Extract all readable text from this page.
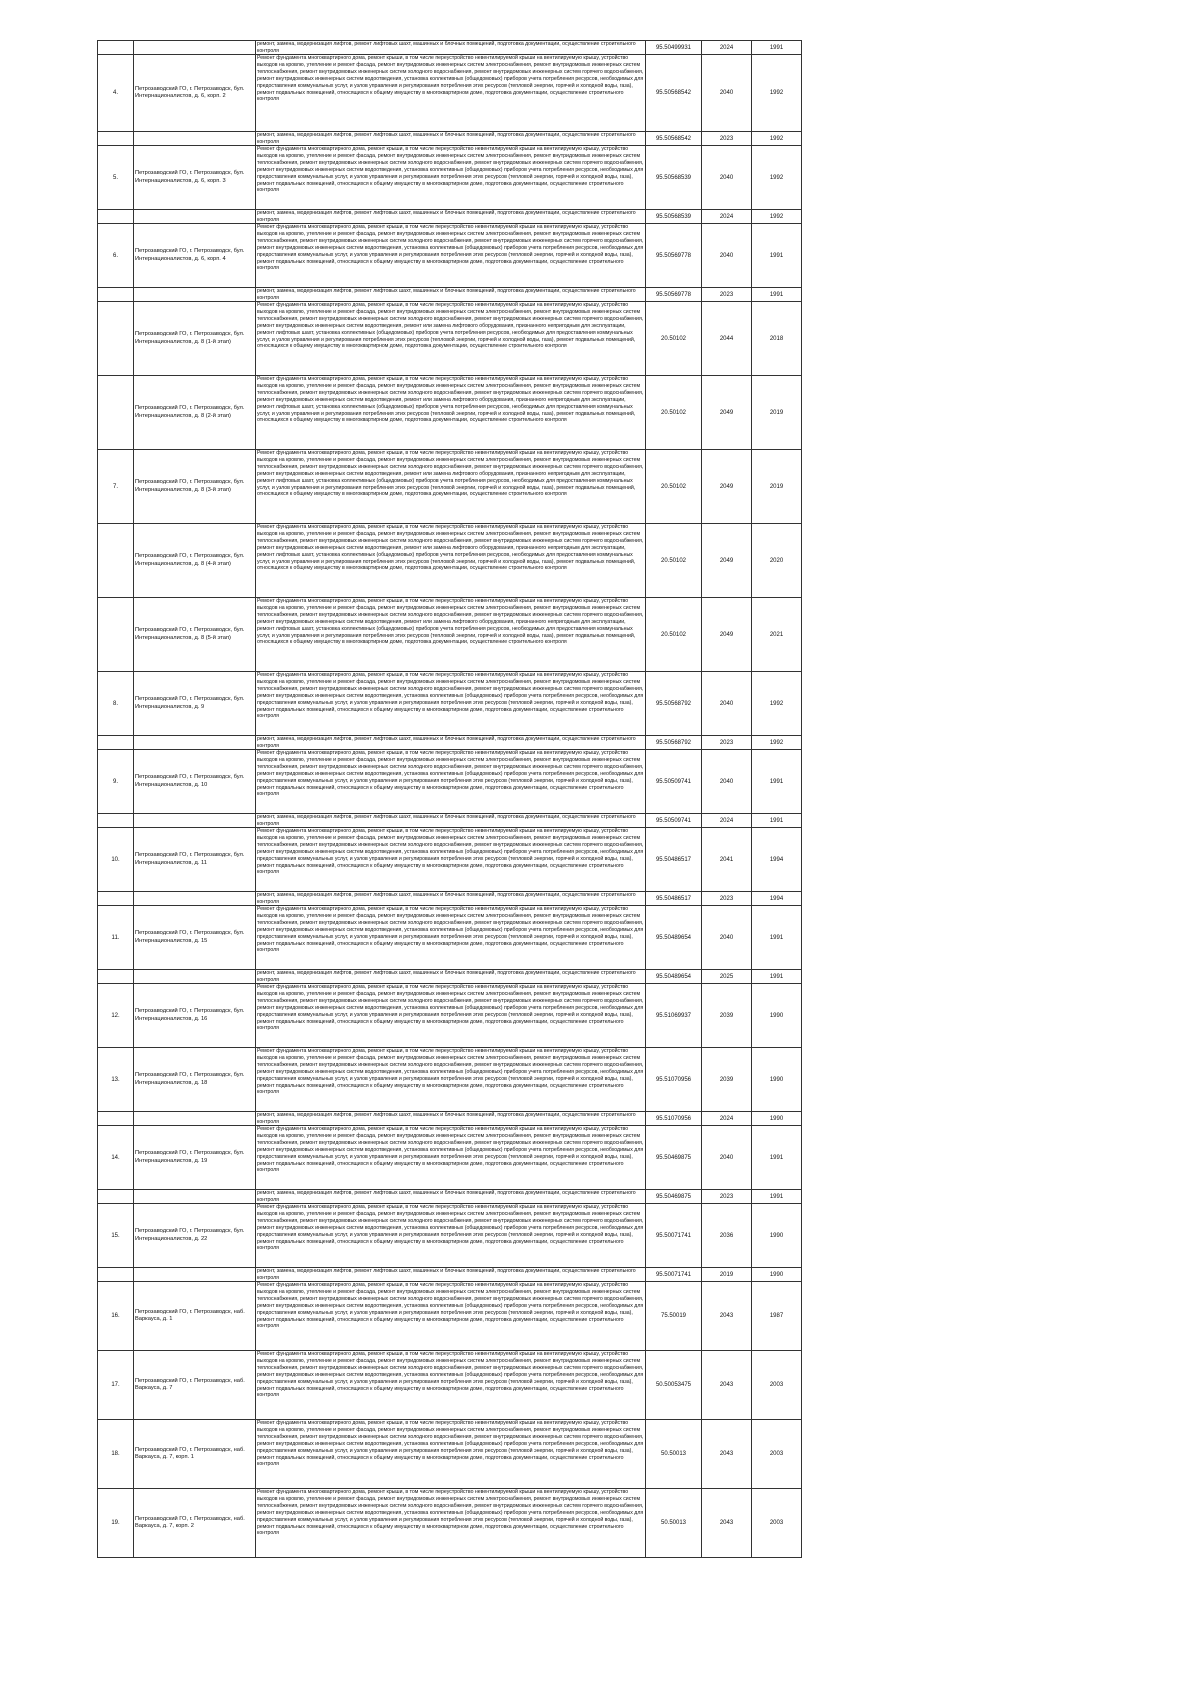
		ремонт, замена, модернизация лифтов, ремонт лифтовых шахт, машинных и блочных помещений, подготовка документации, осуществление строительного контроля	95.50499931	2024	1991
4.	Петрозаводский ГО, г. Петрозаводск, бул. Интернационалистов, д. 6, корп. 2	Ремонт фундамента многоквартирного дома, ремонт крыши, в том числе переустройство невентилируемой крыши на вентилируемую крышу, устройство выходов на кровлю, утепление и ремонт фасада, ремонт внутридомовых инженерных систем электроснабжения, ремонт внутридомовых инженерных систем теплоснабжения, ремонт внутридомовых инженерных систем холодного водоснабжения, ремонт внутридомовых инженерных систем горячего водоснабжения, ремонт внутридомовых инженерных систем водоотведения, установка коллективных (общедомовых) приборов учета потребления ресурсов, необходимых для предоставления коммунальных услуг, и узлов управления и регулирования потребления этих ресурсов (тепловой энергии, горячей и холодной воды, газа), ремонт подвальных помещений, относящихся к общему имуществу в многоквартирном доме, подготовка документации, осуществление строительного контроля	95.50568542	2040	1992

		ремонт, замена, модернизация лифтов, ремонт лифтовых шахт, машинных и блочных помещений, подготовка документации, осуществление строительного контроля	95.50568542	2023	1992
5.	Петрозаводский ГО, г. Петрозаводск, бул. Интернационалистов, д. 6, корп. 3	Ремонт фундамента многоквартирного дома, ремонт крыши, в том числе переустройство невентилируемой крыши на вентилируемую крышу, устройство выходов на кровлю, утепление и ремонт фасада, ремонт внутридомовых инженерных систем электроснабжения, ремонт внутридомовых инженерных систем теплоснабжения, ремонт внутридомовых инженерных систем холодного водоснабжения, ремонт внутридомовых инженерных систем горячего водоснабжения, ремонт внутридомовых инженерных систем водоотведения, установка коллективных (общедомовых) приборов учета потребления ресурсов, необходимых для предоставления коммунальных услуг, и узлов управления и регулирования потребления этих ресурсов (тепловой энергии, горячей и холодной воды, газа), ремонт подвальных помещений, относящихся к общему имуществу в многоквартирном доме, подготовка документации, осуществление строительного контроля	95.50568539	2040	1992

		ремонт, замена, модернизация лифтов, ремонт лифтовых шахт, машинных и блочных помещений, подготовка документации, осуществление строительного контроля	95.50568539	2024	1992
6.	Петрозаводский ГО, г. Петрозаводск, бул. Интернационалистов, д. 6, корп. 4	Ремонт фундамента многоквартирного дома, ремонт крыши, в том числе переустройство невентилируемой крыши на вентилируемую крышу, устройство выходов на кровлю, утепление и ремонт фасада, ремонт внутридомовых инженерных систем электроснабжения, ремонт внутридомовых инженерных систем теплоснабжения, ремонт внутридомовых инженерных систем холодного водоснабжения, ремонт внутридомовых инженерных систем горячего водоснабжения, ремонт внутридомовых инженерных систем водоотведения, установка коллективных (общедомовых) приборов учета потребления ресурсов, необходимых для предоставления коммунальных услуг, и узлов управления и регулирования потребления этих ресурсов (тепловой энергии, горячей и холодной воды, газа), ремонт подвальных помещений, относящихся к общему имуществу в многоквартирном доме, подготовка документации, осуществление строительного контроля	95.50569778	2040	1991

		ремонт, замена, модернизация лифтов, ремонт лифтовых шахт, машинных и блочных помещений, подготовка документации, осуществление строительного контроля	95.50569778	2023	1991
	Петрозаводский ГО, г. Петрозаводск, бул. Интернационалистов, д. 8 (1-й этап)	Ремонт фундамента многоквартирного дома, ремонт крыши, в том числе переустройство невентилируемой крыши на вентилируемую крышу, устройство выходов на кровлю, утепление и ремонт фасада, ремонт внутридомовых инженерных систем электроснабжения, ремонт внутридомовых инженерных систем теплоснабжения, ремонт внутридомовых инженерных систем холодного водоснабжения, ремонт внутридомовых инженерных систем горячего водоснабжения, ремонт внутридомовых инженерных систем водоотведения, ремонт или замена лифтового оборудования, признанного непригодным для эксплуатации, ремонт лифтовых шахт, установка коллективных (общедомовых) приборов учета потребления ресурсов, необходимых для предоставления коммунальных услуг, и узлов управления и регулирования потребления этих ресурсов (тепловой энергии, горячей и холодной воды, газа), ремонт подвальных помещений, относящихся к общему имуществу в многоквартирном доме, подготовка документации, осуществление строительного контроля	20.50102	2044	2018
	Петрозаводский ГО, г. Петрозаводск, бул. Интернационалистов, д. 8 (2-й этап)	Ремонт фундамента многоквартирного дома, ремонт крыши, в том числе переустройство невентилируемой крыши на вентилируемую крышу, устройство выходов на кровлю, утепление и ремонт фасада, ремонт внутридомовых инженерных систем электроснабжения, ремонт внутридомовых инженерных систем теплоснабжения, ремонт внутридомовых инженерных систем холодного водоснабжения, ремонт внутридомовых инженерных систем горячего водоснабжения, ремонт внутридомовых инженерных систем водоотведения, ремонт или замена лифтового оборудования, признанного непригодным для эксплуатации, ремонт лифтовых шахт, установка коллективных (общедомовых) приборов учета потребления ресурсов, необходимых для предоставления коммунальных услуг, и узлов управления и регулирования потребления этих ресурсов (тепловой энергии, горячей и холодной воды, газа), ремонт подвальных помещений, относящихся к общему имуществу в многоквартирном доме, подготовка документации, осуществление строительного контроля	20.50102	2049	2019
7.	Петрозаводский ГО, г. Петрозаводск, бул. Интернационалистов, д. 8 (3-й этап)	Ремонт фундамента многоквартирного дома, ремонт крыши, в том числе переустройство невентилируемой крыши на вентилируемую крышу, устройство выходов на кровлю, утепление и ремонт фасада, ремонт внутридомовых инженерных систем электроснабжения, ремонт внутридомовых инженерных систем теплоснабжения, ремонт внутридомовых инженерных систем холодного водоснабжения, ремонт внутридомовых инженерных систем горячего водоснабжения, ремонт внутридомовых инженерных систем водоотведения, ремонт или замена лифтового оборудования, признанного непригодным для эксплуатации, ремонт лифтовых шахт, установка коллективных (общедомовых) приборов учета потребления ресурсов, необходимых для предоставления коммунальных услуг, и узлов управления и регулирования потребления этих ресурсов (тепловой энергии, горячей и холодной воды, газа), ремонт подвальных помещений, относящихся к общему имуществу в многоквартирном доме, подготовка документации, осуществление строительного контроля	20.50102	2049	2019
	Петрозаводский ГО, г. Петрозаводск, бул. Интернационалистов, д. 8 (4-й этап)	Ремонт фундамента многоквартирного дома, ремонт крыши, в том числе переустройство невентилируемой крыши на вентилируемую крышу, устройство выходов на кровлю, утепление и ремонт фасада, ремонт внутридомовых инженерных систем электроснабжения, ремонт внутридомовых инженерных систем теплоснабжения, ремонт внутридомовых инженерных систем холодного водоснабжения, ремонт внутридомовых инженерных систем горячего водоснабжения, ремонт внутридомовых инженерных систем водоотведения, ремонт или замена лифтового оборудования, признанного непригодным для эксплуатации, ремонт лифтовых шахт, установка коллективных (общедомовых) приборов учета потребления ресурсов, необходимых для предоставления коммунальных услуг, и узлов управления и регулирования потребления этих ресурсов (тепловой энергии, горячей и холодной воды, газа), ремонт подвальных помещений, относящихся к общему имуществу в многоквартирном доме, подготовка документации, осуществление строительного контроля	20.50102	2049	2020
	Петрозаводский ГО, г. Петрозаводск, бул. Интернационалистов, д. 8 (5-й этап)	Ремонт фундамента многоквартирного дома, ремонт крыши, в том числе переустройство невентилируемой крыши на вентилируемую крышу, устройство выходов на кровлю, утепление и ремонт фасада, ремонт внутридомовых инженерных систем электроснабжения, ремонт внутридомовых инженерных систем теплоснабжения, ремонт внутридомовых инженерных систем холодного водоснабжения, ремонт внутридомовых инженерных систем горячего водоснабжения, ремонт внутридомовых инженерных систем водоотведения, ремонт или замена лифтового оборудования, признанного непригодным для эксплуатации, ремонт лифтовых шахт, установка коллективных (общедомовых) приборов учета потребления ресурсов, необходимых для предоставления коммунальных услуг, и узлов управления и регулирования потребления этих ресурсов (тепловой энергии, горячей и холодной воды, газа), ремонт подвальных помещений, относящихся к общему имуществу в многоквартирном доме, подготовка документации, осуществление строительного контроля	20.50102	2049	2021
8.	Петрозаводский ГО, г. Петрозаводск, бул. Интернационалистов, д. 9	Ремонт фундамента многоквартирного дома, ремонт крыши, в том числе переустройство невентилируемой крыши на вентилируемую крышу, устройство выходов на кровлю, утепление и ремонт фасада, ремонт внутридомовых инженерных систем электроснабжения, ремонт внутридомовых инженерных систем теплоснабжения, ремонт внутридомовых инженерных систем холодного водоснабжения, ремонт внутридомовых инженерных систем горячего водоснабжения, ремонт внутридомовых инженерных систем водоотведения, установка коллективных (общедомовых) приборов учета потребления ресурсов, необходимых для предоставления коммунальных услуг, и узлов управления и регулирования потребления этих ресурсов (тепловой энергии, горячей и холодной воды, газа), ремонт подвальных помещений, относящихся к общему имуществу в многоквартирном доме, подготовка документации, осуществление строительного контроля	95.50568792	2040	1992

		ремонт, замена, модернизация лифтов, ремонт лифтовых шахт, машинных и блочных помещений, подготовка документации, осуществление строительного контроля	95.50568792	2023	1992
9.	Петрозаводский ГО, г. Петрозаводск, бул. Интернационалистов, д. 10	Ремонт фундамента многоквартирного дома, ремонт крыши, в том числе переустройство невентилируемой крыши на вентилируемую крышу, устройство выходов на кровлю, утепление и ремонт фасада, ремонт внутридомовых инженерных систем электроснабжения, ремонт внутридомовых инженерных систем теплоснабжения, ремонт внутридомовых инженерных систем холодного водоснабжения, ремонт внутридомовых инженерных систем горячего водоснабжения, ремонт внутридомовых инженерных систем водоотведения, установка коллективных (общедомовых) приборов учета потребления ресурсов, необходимых для предоставления коммунальных услуг, и узлов управления и регулирования потребления этих ресурсов (тепловой энергии, горячей и холодной воды, газа), ремонт подвальных помещений, относящихся к общему имуществу в многоквартирном доме, подготовка документации, осуществление строительного контроля	95.50509741	2040	1991

		ремонт, замена, модернизация лифтов, ремонт лифтовых шахт, машинных и блочных помещений, подготовка документации, осуществление строительного контроля	95.50509741	2024	1991
10.	Петрозаводский ГО, г. Петрозаводск, бул. Интернационалистов, д. 11	Ремонт фундамента многоквартирного дома, ремонт крыши, в том числе переустройство невентилируемой крыши на вентилируемую крышу, устройство выходов на кровлю, утепление и ремонт фасада, ремонт внутридомовых инженерных систем электроснабжения, ремонт внутридомовых инженерных систем теплоснабжения, ремонт внутридомовых инженерных систем холодного водоснабжения, ремонт внутридомовых инженерных систем горячего водоснабжения, ремонт внутридомовых инженерных систем водоотведения, установка коллективных (общедомовых) приборов учета потребления ресурсов, необходимых для предоставления коммунальных услуг, и узлов управления и регулирования потребления этих ресурсов (тепловой энергии, горячей и холодной воды, газа), ремонт подвальных помещений, относящихся к общему имуществу в многоквартирном доме, подготовка документации, осуществление строительного контроля	95.50486517	2041	1994

		ремонт, замена, модернизация лифтов, ремонт лифтовых шахт, машинных и блочных помещений, подготовка документации, осуществление строительного контроля	95.50486517	2023	1994
11.	Петрозаводский ГО, г. Петрозаводск, бул. Интернационалистов, д. 15	Ремонт фундамента многоквартирного дома, ремонт крыши, в том числе переустройство невентилируемой крыши на вентилируемую крышу, устройство выходов на кровлю, утепление и ремонт фасада, ремонт внутридомовых инженерных систем электроснабжения, ремонт внутридомовых инженерных систем теплоснабжения, ремонт внутридомовых инженерных систем холодного водоснабжения, ремонт внутридомовых инженерных систем горячего водоснабжения, ремонт внутридомовых инженерных систем водоотведения, установка коллективных (общедомовых) приборов учета потребления ресурсов, необходимых для предоставления коммунальных услуг, и узлов управления и регулирования потребления этих ресурсов (тепловой энергии, горячей и холодной воды, газа), ремонт подвальных помещений, относящихся к общему имуществу в многоквартирном доме, подготовка документации, осуществление строительного контроля	95.50489654	2040	1991

		ремонт, замена, модернизация лифтов, ремонт лифтовых шахт, машинных и блочных помещений, подготовка документации, осуществление строительного контроля	95.50489654	2025	1991
12.	Петрозаводский ГО, г. Петрозаводск, бул. Интернационалистов, д. 16	Ремонт фундамента многоквартирного дома, ремонт крыши, в том числе переустройство невентилируемой крыши на вентилируемую крышу, устройство выходов на кровлю, утепление и ремонт фасада, ремонт внутридомовых инженерных систем электроснабжения, ремонт внутридомовых инженерных систем теплоснабжения, ремонт внутридомовых инженерных систем холодного водоснабжения, ремонт внутридомовых инженерных систем горячего водоснабжения, ремонт внутридомовых инженерных систем водоотведения, установка коллективных (общедомовых) приборов учета потребления ресурсов, необходимых для предоставления коммунальных услуг, и узлов управления и регулирования потребления этих ресурсов (тепловой энергии, горячей и холодной воды, газа), ремонт подвальных помещений, относящихся к общему имуществу в многоквартирном доме, подготовка документации, осуществление строительного контроля	95.51069937	2039	1990
13.	Петрозаводский ГО, г. Петрозаводск, бул. Интернационалистов, д. 18	Ремонт фундамента многоквартирного дома, ремонт крыши, в том числе переустройство невентилируемой крыши на вентилируемую крышу, устройство выходов на кровлю, утепление и ремонт фасада, ремонт внутридомовых инженерных систем электроснабжения, ремонт внутридомовых инженерных систем теплоснабжения, ремонт внутридомовых инженерных систем холодного водоснабжения, ремонт внутридомовых инженерных систем горячего водоснабжения, ремонт внутридомовых инженерных систем водоотведения, установка коллективных (общедомовых) приборов учета потребления ресурсов, необходимых для предоставления коммунальных услуг, и узлов управления и регулирования потребления этих ресурсов (тепловой энергии, горячей и холодной воды, газа), ремонт подвальных помещений, относящихся к общему имуществу в многоквартирном доме, подготовка документации, осуществление строительного контроля	95.51070956	2039	1990

		ремонт, замена, модернизация лифтов, ремонт лифтовых шахт, машинных и блочных помещений, подготовка документации, осуществление строительного контроля	95.51070956	2024	1990
14.	Петрозаводский ГО, г. Петрозаводск, бул. Интернационалистов, д. 19	Ремонт фундамента многоквартирного дома, ремонт крыши, в том числе переустройство невентилируемой крыши на вентилируемую крышу, устройство выходов на кровлю, утепление и ремонт фасада, ремонт внутридомовых инженерных систем электроснабжения, ремонт внутридомовых инженерных систем теплоснабжения, ремонт внутридомовых инженерных систем холодного водоснабжения, ремонт внутридомовых инженерных систем горячего водоснабжения, ремонт внутридомовых инженерных систем водоотведения, установка коллективных (общедомовых) приборов учета потребления ресурсов, необходимых для предоставления коммунальных услуг, и узлов управления и регулирования потребления этих ресурсов (тепловой энергии, горячей и холодной воды, газа), ремонт подвальных помещений, относящихся к общему имуществу в многоквартирном доме, подготовка документации, осуществление строительного контроля	95.50469875	2040	1991

		ремонт, замена, модернизация лифтов, ремонт лифтовых шахт, машинных и блочных помещений, подготовка документации, осуществление строительного контроля	95.50469875	2023	1991
15.	Петрозаводский ГО, г. Петрозаводск, бул. Интернационалистов, д. 22	Ремонт фундамента многоквартирного дома, ремонт крыши, в том числе переустройство невентилируемой крыши на вентилируемую крышу, устройство выходов на кровлю, утепление и ремонт фасада, ремонт внутридомовых инженерных систем электроснабжения, ремонт внутридомовых инженерных систем теплоснабжения, ремонт внутридомовых инженерных систем холодного водоснабжения, ремонт внутридомовых инженерных систем горячего водоснабжения, ремонт внутридомовых инженерных систем водоотведения, установка коллективных (общедомовых) приборов учета потребления ресурсов, необходимых для предоставления коммунальных услуг, и узлов управления и регулирования потребления этих ресурсов (тепловой энергии, горячей и холодной воды, газа), ремонт подвальных помещений, относящихся к общему имуществу в многоквартирном доме, подготовка документации, осуществление строительного контроля	95.50071741	2036	1990

		ремонт, замена, модернизация лифтов, ремонт лифтовых шахт, машинных и блочных помещений, подготовка документации, осуществление строительного контроля	95.50071741	2019	1990
16.	Петрозаводский ГО, г. Петрозаводск, наб. Варкауса, д. 1	Ремонт фундамента многоквартирного дома, ремонт крыши, в том числе переустройство невентилируемой крыши на вентилируемую крышу, устройство выходов на кровлю, утепление и ремонт фасада, ремонт внутридомовых инженерных систем электроснабжения, ремонт внутридомовых инженерных систем теплоснабжения, ремонт внутридомовых инженерных систем холодного водоснабжения, ремонт внутридомовых инженерных систем горячего водоснабжения, ремонт внутридомовых инженерных систем водоотведения, установка коллективных (общедомовых) приборов учета потребления ресурсов, необходимых для предоставления коммунальных услуг, и узлов управления и регулирования потребления этих ресурсов (тепловой энергии, горячей и холодной воды, газа), ремонт подвальных помещений, относящихся к общему имуществу в многоквартирном доме, подготовка документации, осуществление строительного контроля	75.50019	2043	1987
17.	Петрозаводский ГО, г. Петрозаводск, наб. Варкауса, д. 7	Ремонт фундамента многоквартирного дома, ремонт крыши, в том числе переустройство невентилируемой крыши на вентилируемую крышу, устройство выходов на кровлю, утепление и ремонт фасада, ремонт внутридомовых инженерных систем электроснабжения, ремонт внутридомовых инженерных систем теплоснабжения, ремонт внутридомовых инженерных систем холодного водоснабжения, ремонт внутридомовых инженерных систем горячего водоснабжения, ремонт внутридомовых инженерных систем водоотведения, установка коллективных (общедомовых) приборов учета потребления ресурсов, необходимых для предоставления коммунальных услуг, и узлов управления и регулирования потребления этих ресурсов (тепловой энергии, горячей и холодной воды, газа), ремонт подвальных помещений, относящихся к общему имуществу в многоквартирном доме, подготовка документации, осуществление строительного контроля	50.50053475	2043	2003
18.	Петрозаводский ГО, г. Петрозаводск, наб. Варкауса, д. 7, корп. 1	Ремонт фундамента многоквартирного дома, ремонт крыши, в том числе переустройство невентилируемой крыши на вентилируемую крышу, устройство выходов на кровлю, утепление и ремонт фасада, ремонт внутридомовых инженерных систем электроснабжения, ремонт внутридомовых инженерных систем теплоснабжения, ремонт внутридомовых инженерных систем холодного водоснабжения, ремонт внутридомовых инженерных систем горячего водоснабжения, ремонт внутридомовых инженерных систем водоотведения, установка коллективных (общедомовых) приборов учета потребления ресурсов, необходимых для предоставления коммунальных услуг, и узлов управления и регулирования потребления этих ресурсов (тепловой энергии, горячей и холодной воды, газа), ремонт подвальных помещений, относящихся к общему имуществу в многоквартирном доме, подготовка документации, осуществление строительного контроля	50.50013	2043	2003
19.	Петрозаводский ГО, г. Петрозаводск, наб. Варкауса, д. 7, корп. 2	Ремонт фундамента многоквартирного дома, ремонт крыши, в том числе переустройство невентилируемой крыши на вентилируемую крышу, устройство выходов на кровлю, утепление и ремонт фасада, ремонт внутридомовых инженерных систем электроснабжения, ремонт внутридомовых инженерных систем теплоснабжения, ремонт внутридомовых инженерных систем холодного водоснабжения, ремонт внутридомовых инженерных систем горячего водоснабжения, ремонт внутридомовых инженерных систем водоотведения, установка коллективных (общедомовых) приборов учета потребления ресурсов, необходимых для предоставления коммунальных услуг, и узлов управления и регулирования потребления этих ресурсов (тепловой энергии, горячей и холодной воды, газа), ремонт подвальных помещений, относящихся к общему имуществу в многоквартирном доме, подготовка документации, осуществление строительного контроля	50.50013	2043	2003
